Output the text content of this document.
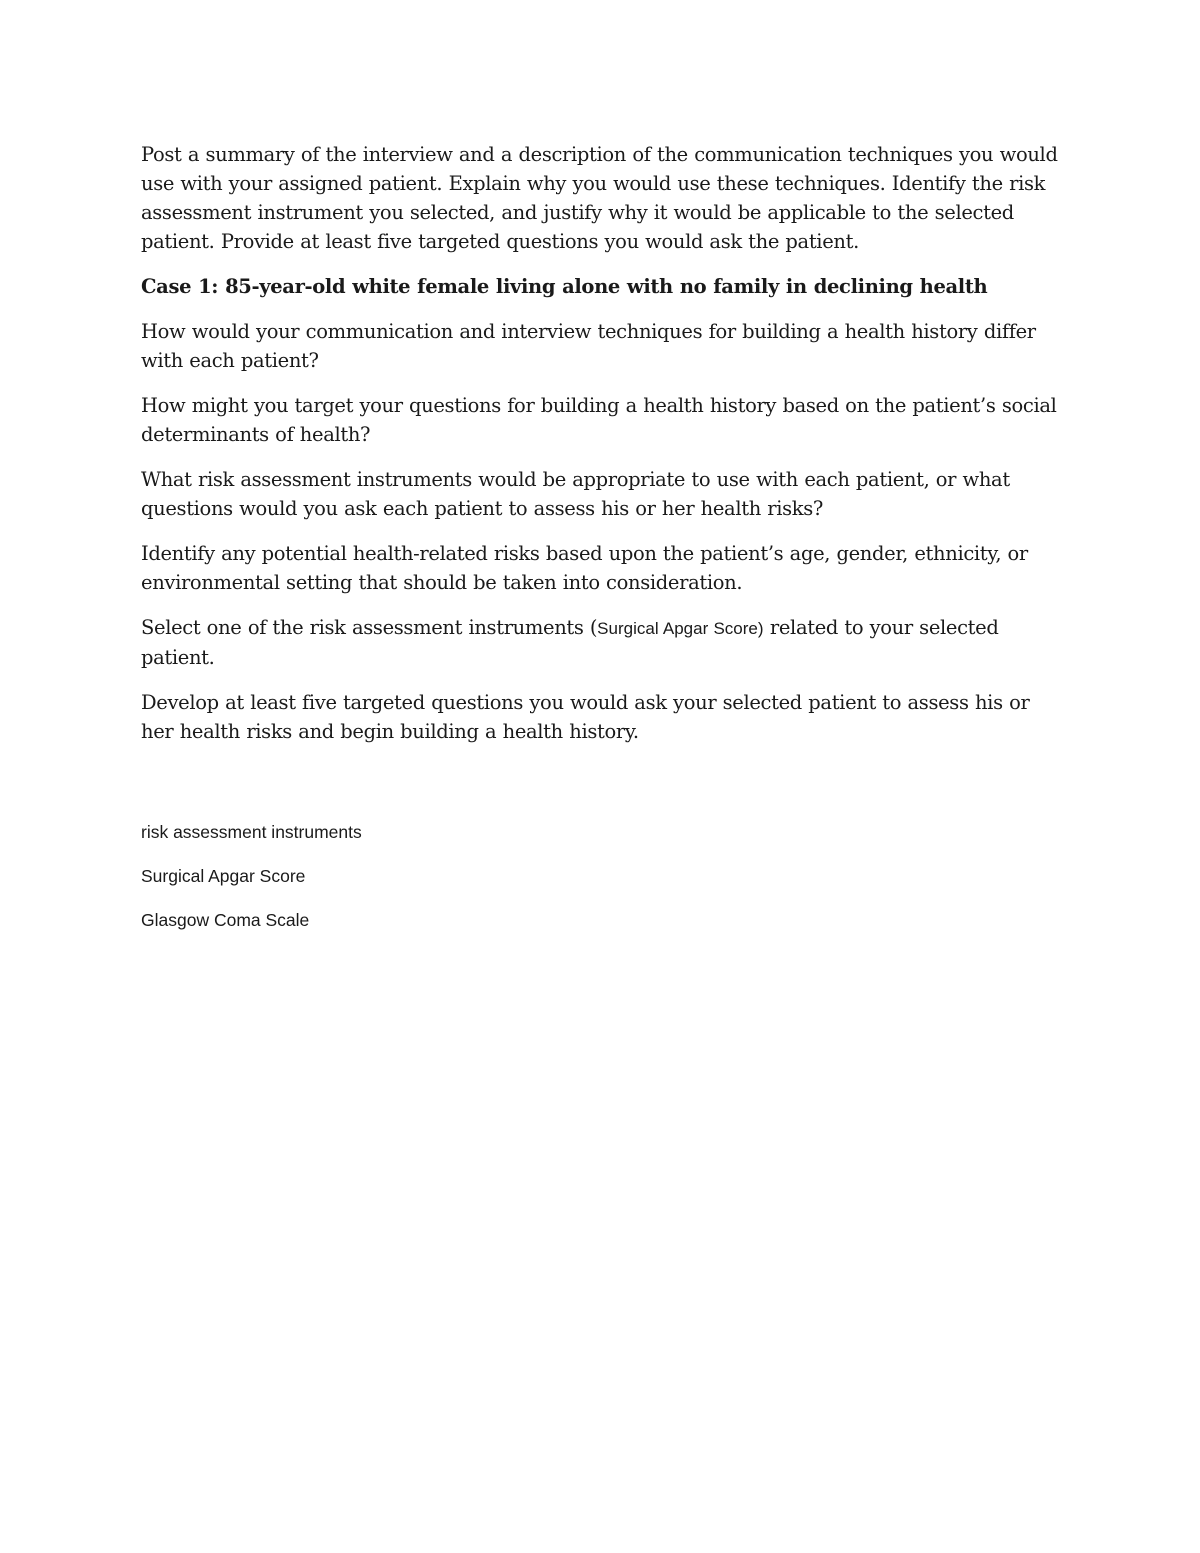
Post a summary of the interview and a description of the communication techniques you would use with your assigned patient. Explain why you would use these techniques. Identify the risk assessment instrument you selected, and justify why it would be applicable to the selected patient. Provide at least five targeted questions you would ask the patient.

Case 1: 85-year-old white female living alone with no family in declining health

How would your communication and interview techniques for building a health history differ with each patient?

How might you target your questions for building a health history based on the patient’s social determinants of health?

What risk assessment instruments would be appropriate to use with each patient, or what questions would you ask each patient to assess his or her health risks?

Identify any potential health-related risks based upon the patient’s age, gender, ethnicity, or environmental setting that should be taken into consideration.

Select one of the risk assessment instruments (Surgical Apgar Score) related to your selected patient.

Develop at least five targeted questions you would ask your selected patient to assess his or her health risks and begin building a health history.

risk assessment instruments

Surgical Apgar Score

Glasgow Coma Scale
